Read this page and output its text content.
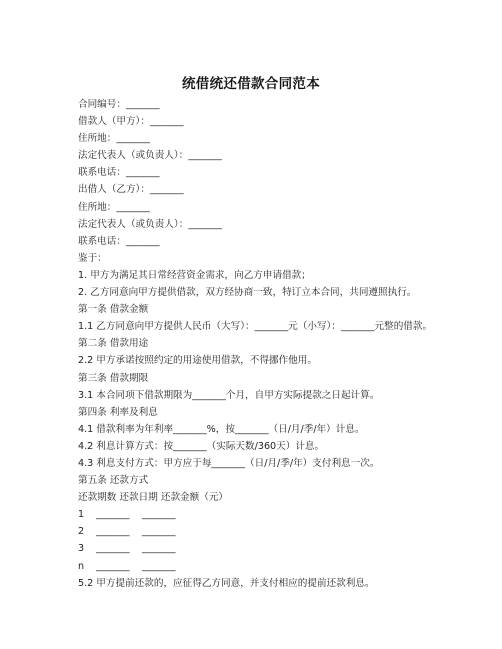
统借统还借款合同范本
合同编号：_______
借款人（甲方）：_______
住所地：_______
法定代表人（或负责人）：_______
联系电话：_______
出借人（乙方）：_______
住所地：_______
法定代表人（或负责人）：_______
联系电话：_______
鉴于：
1. 甲方为满足其日常经营资金需求，向乙方申请借款；
2. 乙方同意向甲方提供借款，双方经协商一致，特订立本合同，共同遵照执行。
第一条 借款金额
1.1 乙方同意向甲方提供人民币（大写）：_______元（小写）：_______元整的借款。
第二条 借款用途
2.2 甲方承诺按照约定的用途使用借款，不得挪作他用。
第三条 借款期限
3.1 本合同项下借款期限为_______个月，自甲方实际提款之日起计算。
第四条 利率及利息
4.1 借款利率为年利率_______%，按_______（日/月/季/年）计息。
4.2 利息计算方式：按_______（实际天数/360天）计息。
4.3 利息支付方式：甲方应于每_______（日/月/季/年）支付利息一次。
第五条 还款方式
还款期数 还款日期 还款金额（元）
1	_______	_______
2	_______	_______
3	_______	_______
n	_______	_______
5.2 甲方提前还款的，应征得乙方同意，并支付相应的提前还款利息。
